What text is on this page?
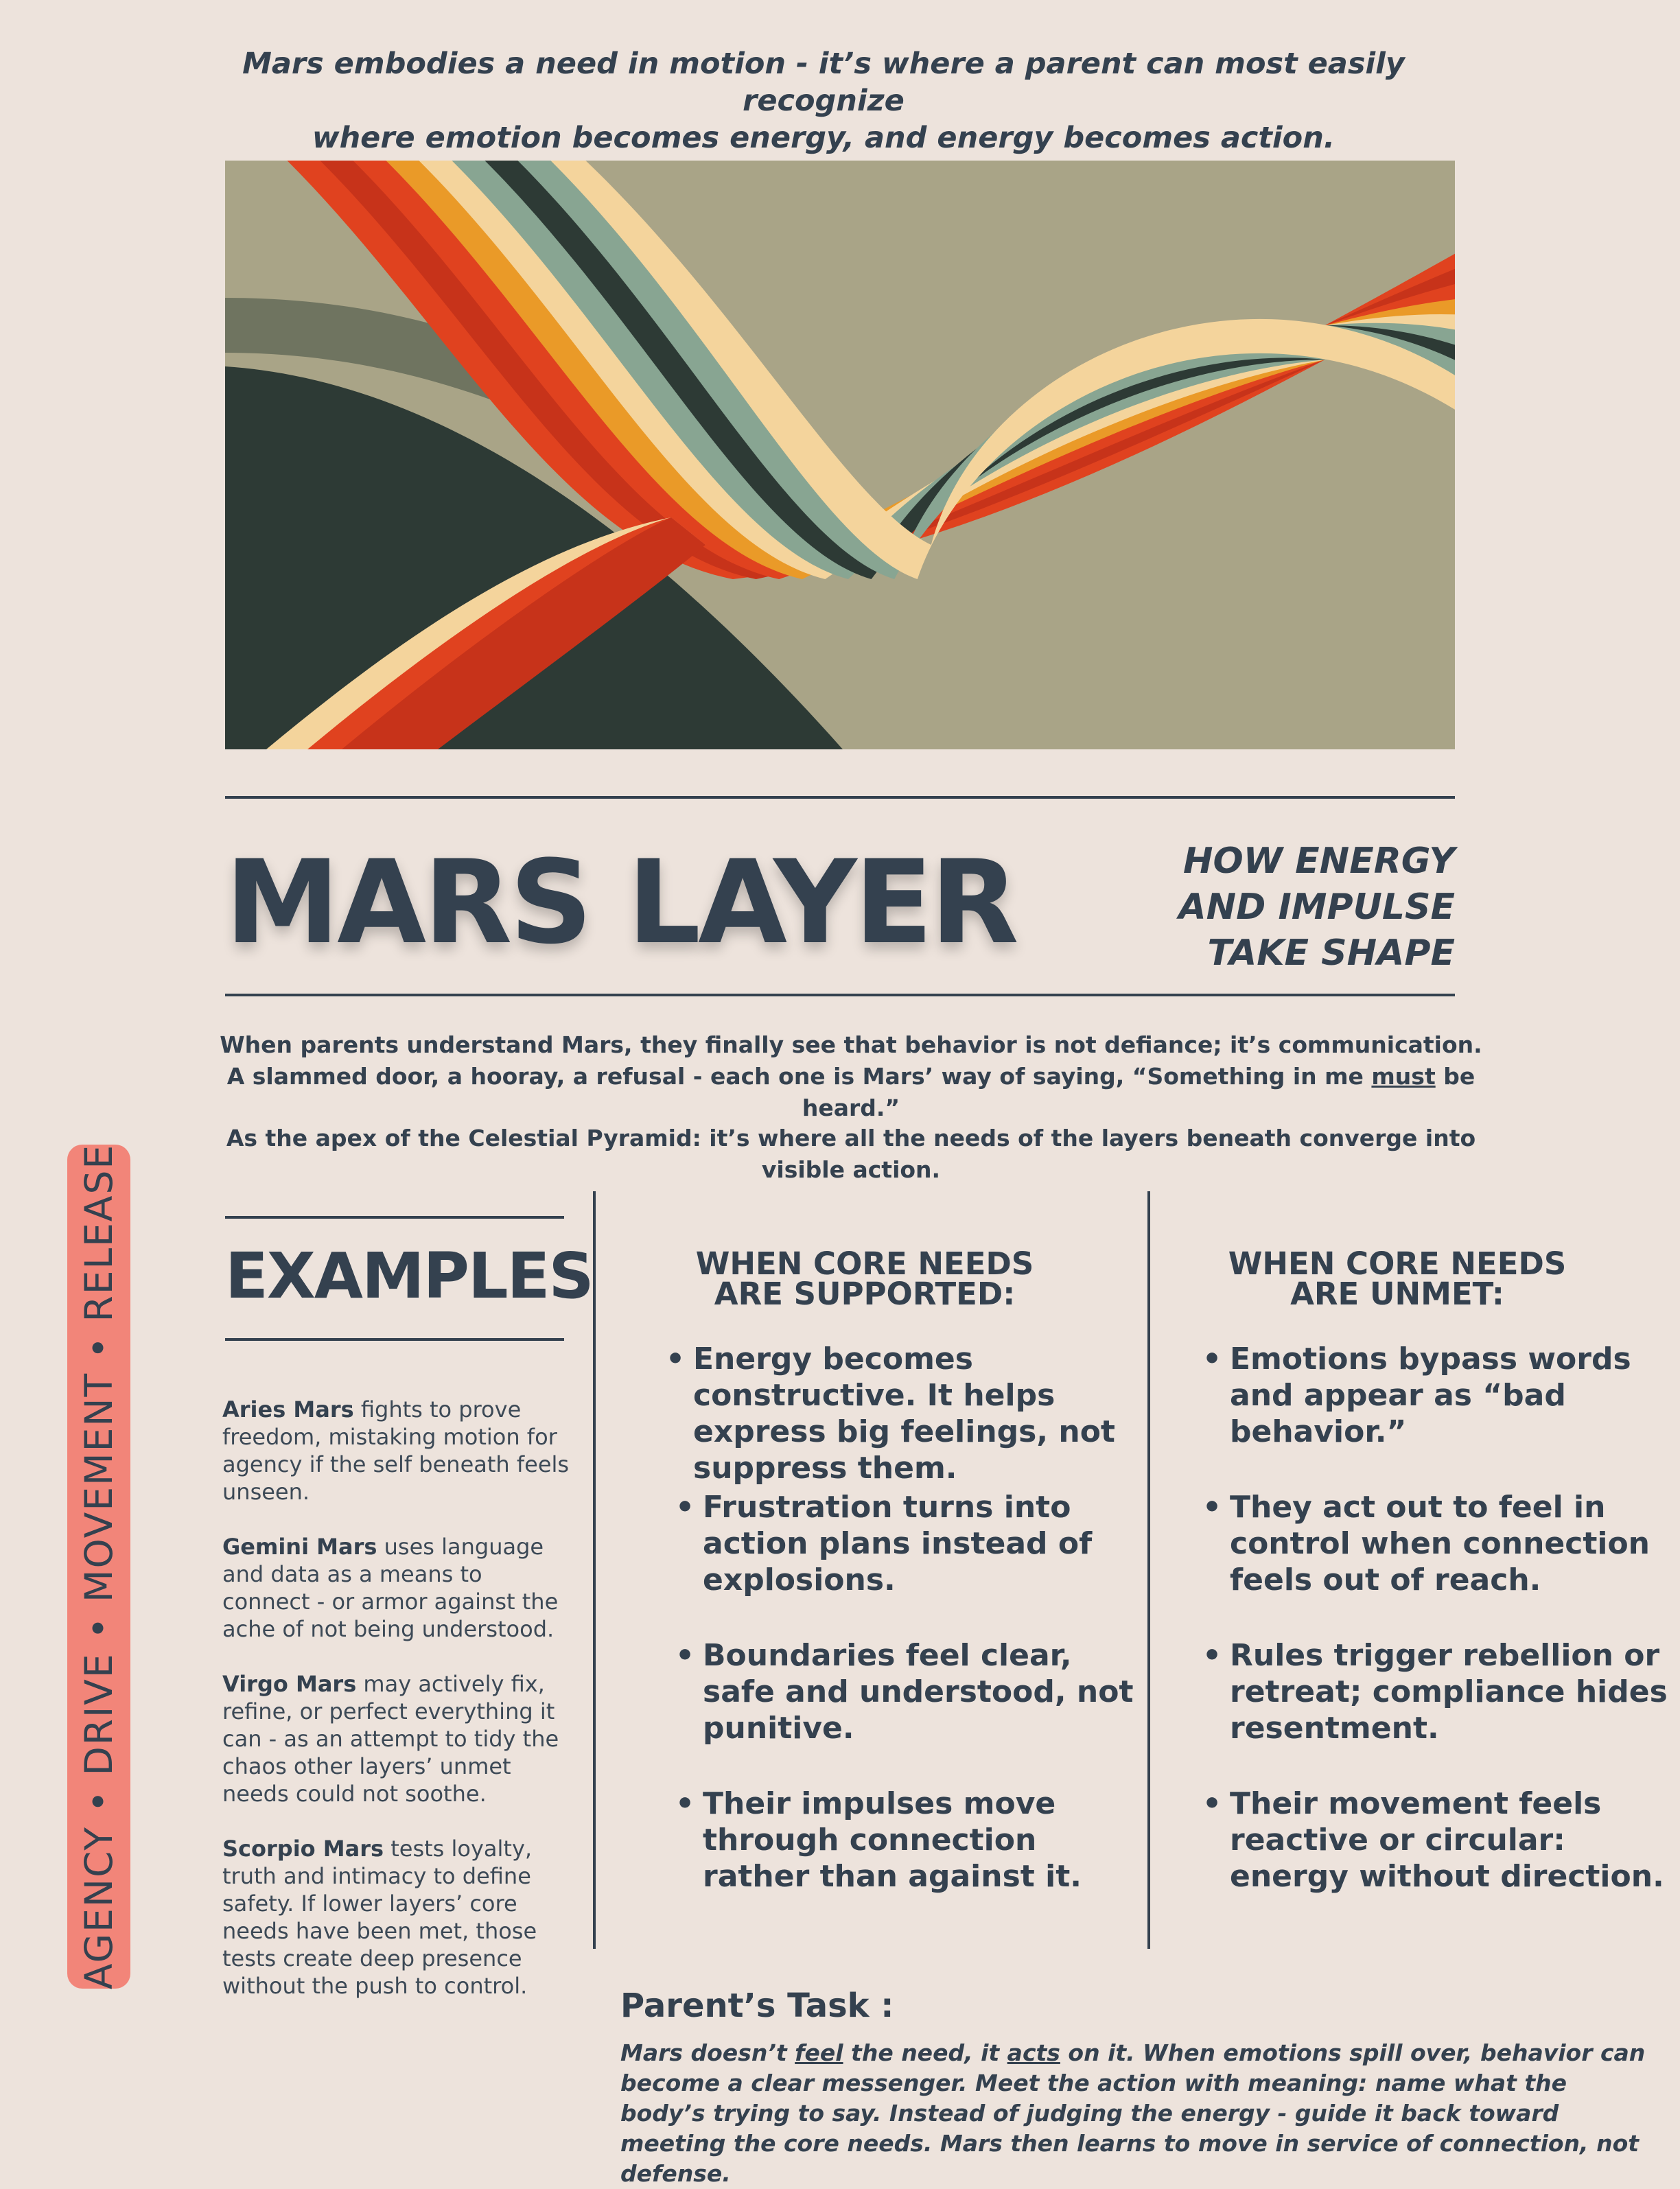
Mars embodies a need in motion - it’s where a parent can most easily recognize
where emotion becomes energy, and energy becomes action.
MARS LAYER	HOW ENERGY
AND IMPULSE
TAKE SHAPE
When parents understand Mars, they finally see that behavior is not defiance; it’s communication.
A slammed door, a hooray, a refusal - each one is Mars’ way of saying, “Something in me must be heard.”
As the apex of the Celestial Pyramid: it’s where all the needs of the layers beneath converge into visible action.
AGENCY • DRIVE • MOVEMENT • RELEASE EXAMPLES
Aries Mars fights to prove freedom, mistaking motion for agency if the self beneath feels unseen.
Gemini Mars uses language and data as a means to connect - or armor against the ache of not being understood.
Virgo Mars may actively fix, refine, or perfect everything it can - as an attempt to tidy the chaos other layers’ unmet needs could not soothe.
Scorpio Mars tests loyalty, truth and intimacy to define safety. If lower layers’ core needs have been met, those tests create deep presence without the push to control.
WHEN CORE NEEDS
ARE SUPPORTED:
• Energy becomes constructive. It helps express big feelings, not suppress them.
• Frustration turns into action plans instead of explosions.
• Boundaries feel clear, safe and understood, not punitive.
• Their impulses move through connection rather than against it.
WHEN CORE NEEDS
ARE UNMET:
• Emotions bypass words and appear as “bad behavior.”
• They act out to feel in control when connection feels out of reach.
• Rules trigger rebellion or retreat; compliance hides resentment.
• Their movement feels reactive or circular: energy without direction.
Parent’s Task :
Mars doesn’t feel the need, it acts on it. When emotions spill over, behavior can become a clear messenger. Meet the action with meaning: name what the body’s trying to say. Instead of judging the energy - guide it back toward meeting the core needs. Mars then learns to move in service of connection, not defense.
